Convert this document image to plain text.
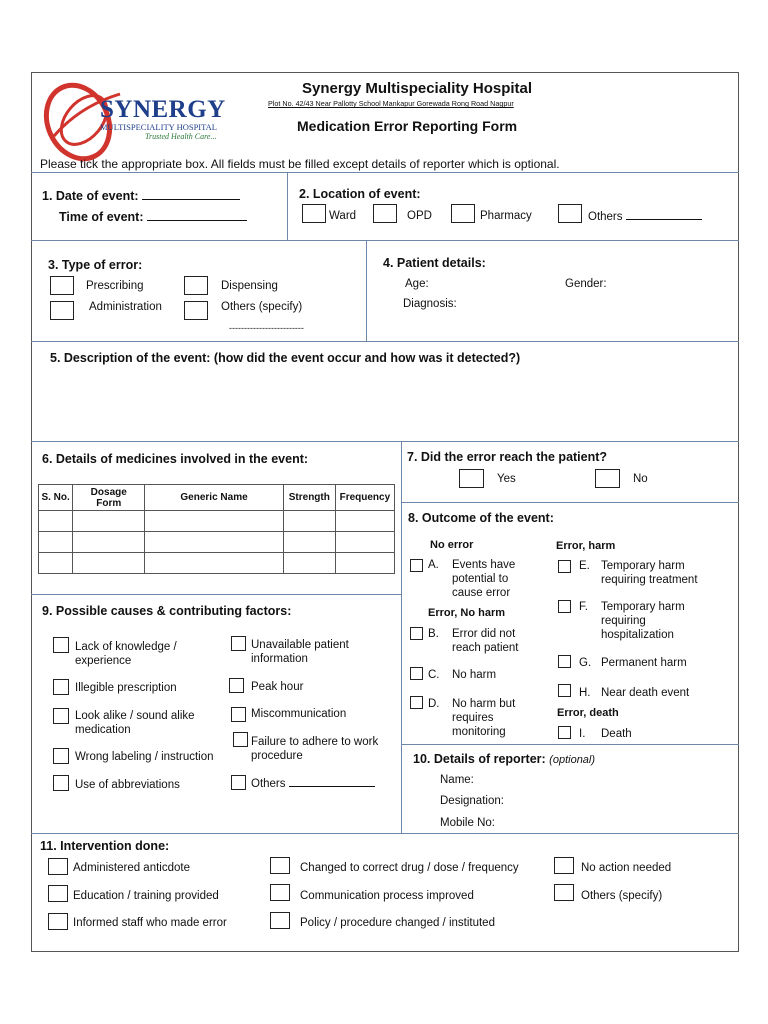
SYNERGY
MULTISPECIALITY HOSPITAL
Trusted Health Care...
Synergy Multispeciality Hospital
Plot No. 42/43 Near Pallotty School Mankapur Gorewada Rong Road Nagpur
Medication Error Reporting Form
Please tick the appropriate box. All fields must be filled except details of reporter which is optional.
1. Date of event:
Time of event:
2. Location of event:
Ward	OPD	Pharmacy	Others
3. Type of error:
Prescribing	Dispensing
Administration	Others (specify)
-------------------------
4. Patient details:
Age:	Gender:
Diagnosis:
5. Description of the event: (how did the event occur and how was it detected?)
6. Details of medicines involved in the event:
S. No.	Dosage Form	Generic Name	Strength	Frequency

7. Did the error reach the patient?
Yes	No
8. Outcome of the event:
No error
A. Events have
potential to
cause error
Error, No harm
B. Error did not
reach patient
C. No harm
D. No harm but
requires
monitoring
Error, harm
E. Temporary harm
requiring treatment
F. Temporary harm
requiring
hospitalization
G. Permanent harm
H. Near death event
Error, death
I. Death
9. Possible causes & contributing factors:
Lack of knowledge /
experience
Illegible prescription
Look alike / sound alike
medication
Wrong labeling / instruction
Use of abbreviations
Unavailable patient
information
Peak hour
Miscommunication
Failure to adhere to work
procedure
Others
10. Details of reporter: (optional)
Name:
Designation:
Mobile No:
11. Intervention done:
Administered anticdote
Education / training provided
Informed staff who made error
Changed to correct drug / dose / frequency
Communication process improved
Policy / procedure changed / instituted
No action needed
Others (specify)
